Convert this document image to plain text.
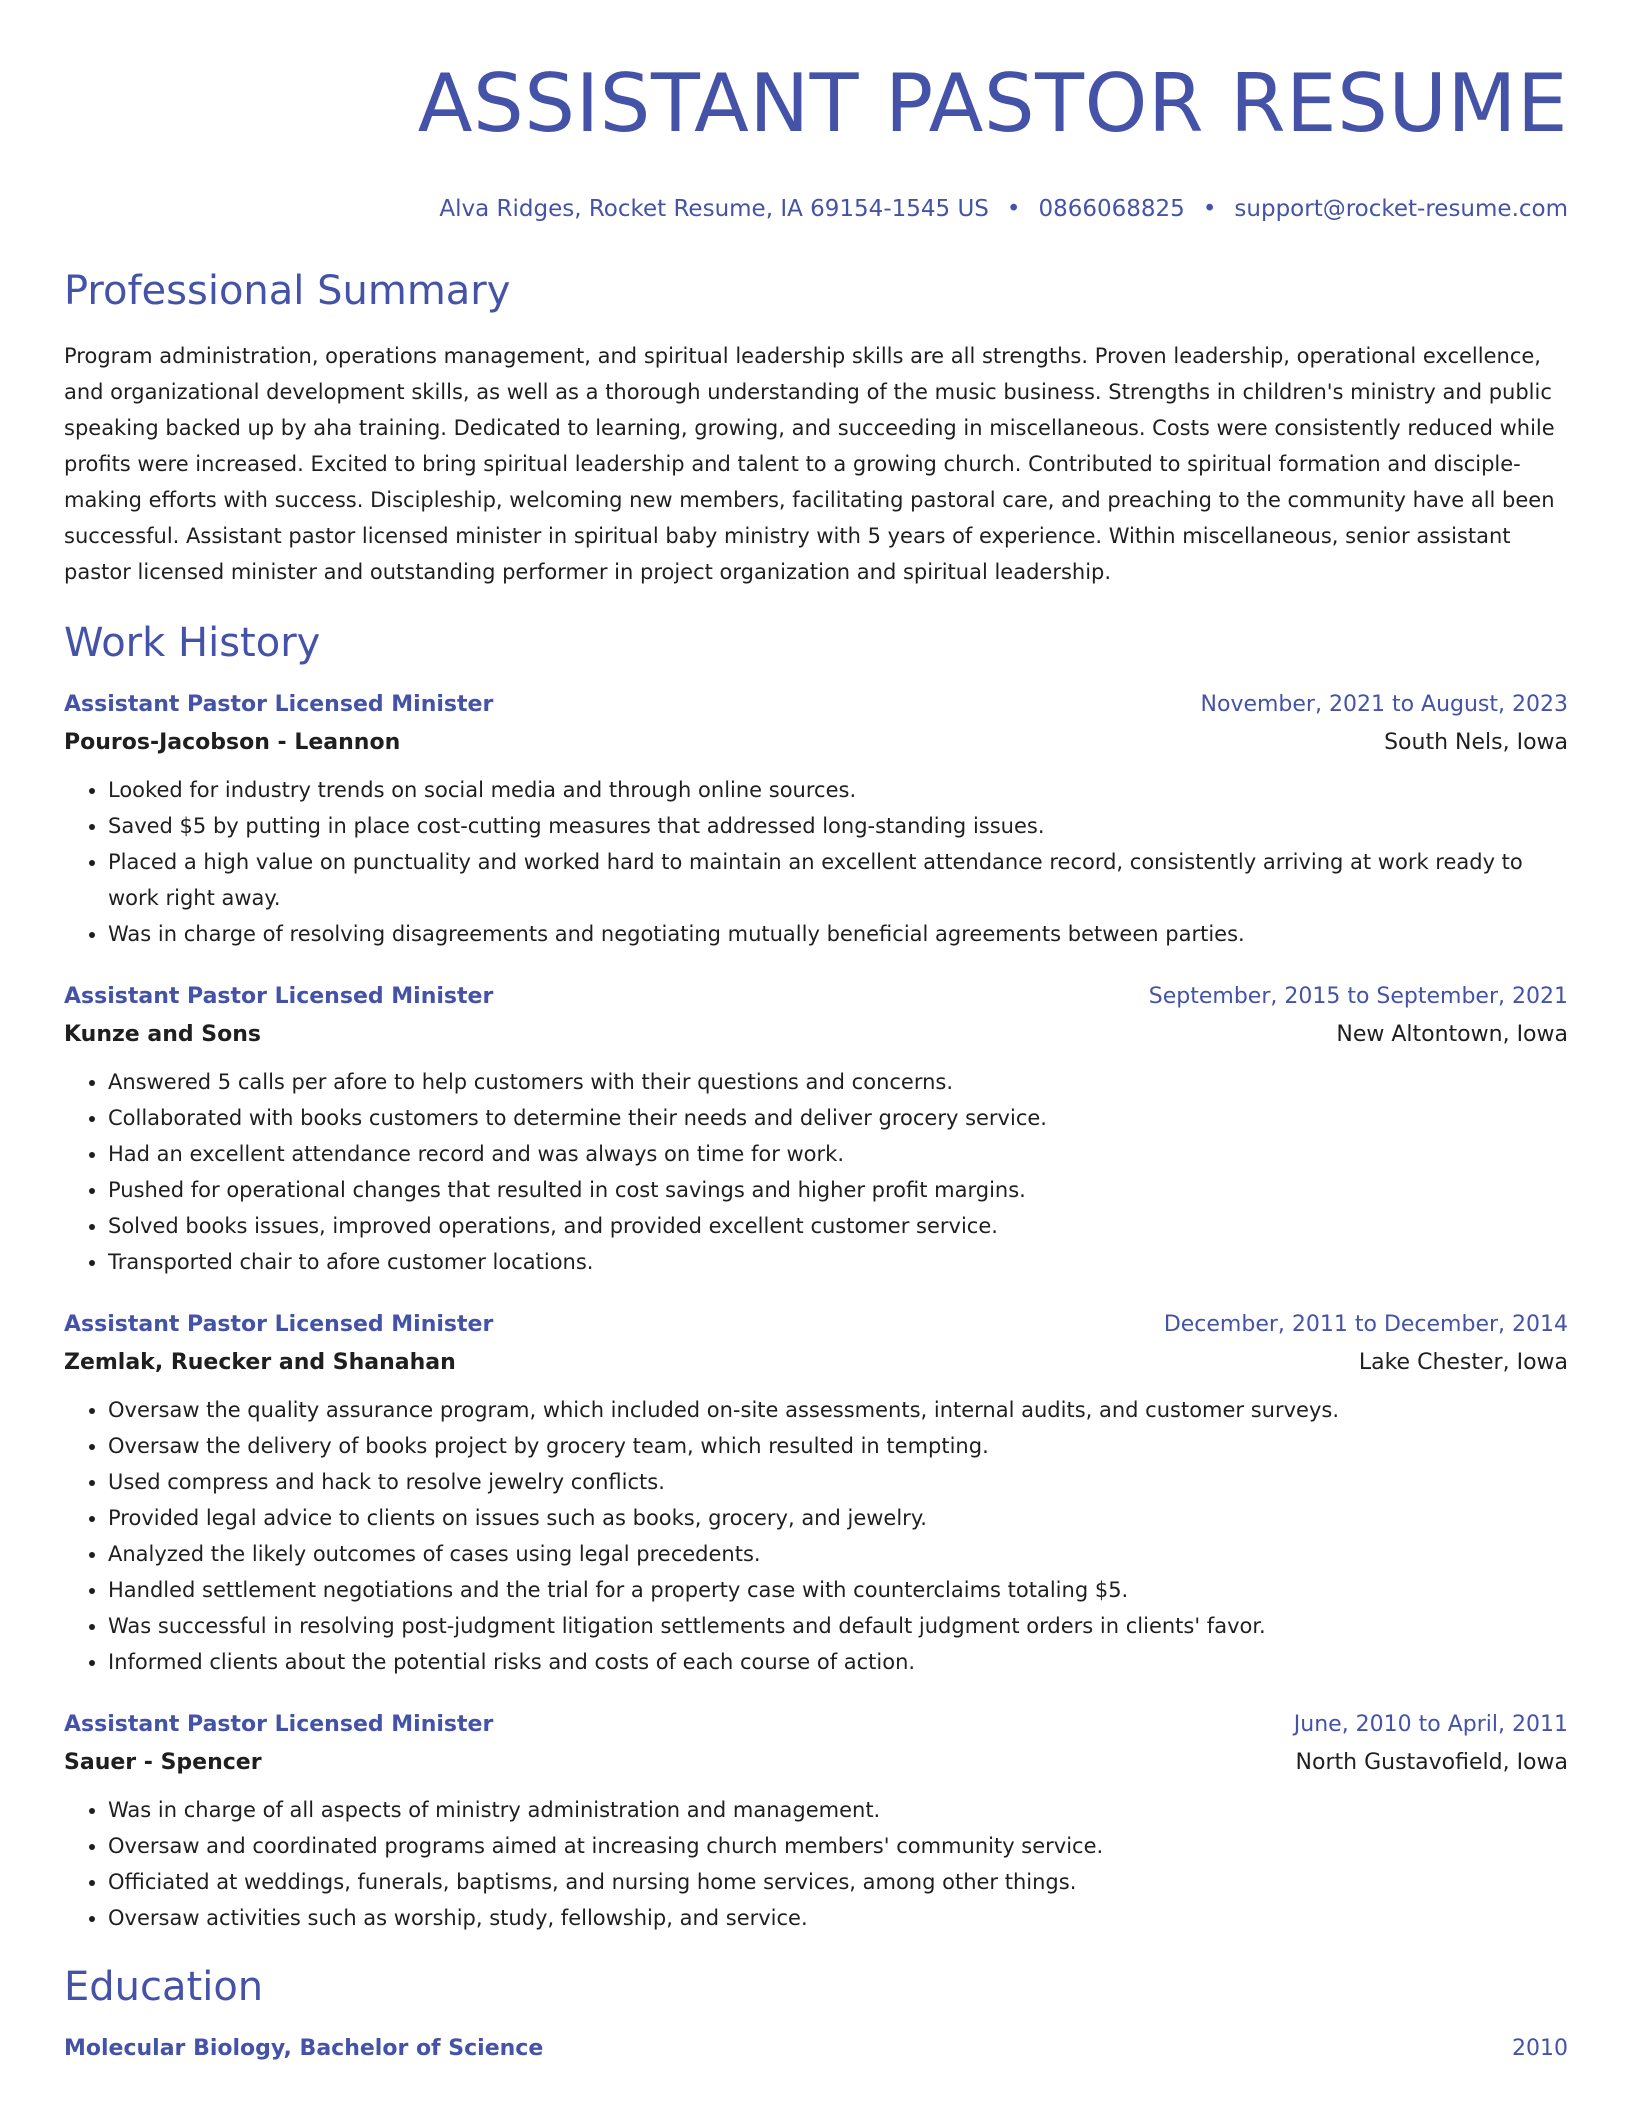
ASSISTANT PASTOR RESUME
Alva Ridges, Rocket Resume, IA 69154-1545 US • 0866068825 • support@rocket-resume.com
Professional Summary

Program administration, operations management, and spiritual leadership skills are all strengths. Proven leadership, operational excellence, and organizational development skills, as well as a thorough understanding of the music business. Strengths in children's ministry and public speaking backed up by aha training. Dedicated to learning, growing, and succeeding in miscellaneous. Costs were consistently reduced while profits were increased. Excited to bring spiritual leadership and talent to a growing church. Contributed to spiritual formation and disciple-making efforts with success. Discipleship, welcoming new members, facilitating pastoral care, and preaching to the community have all been successful. Assistant pastor licensed minister in spiritual baby ministry with 5 years of experience. Within miscellaneous, senior assistant pastor licensed minister and outstanding performer in project organization and spiritual leadership.

Work History
Assistant Pastor Licensed Minister	November, 2021 to August, 2023
Pouros-Jacobson - Leannon	South Nels, Iowa
• Looked for industry trends on social media and through online sources.
• Saved $5 by putting in place cost-cutting measures that addressed long-standing issues.
• Placed a high value on punctuality and worked hard to maintain an excellent attendance record, consistently arriving at work ready to work right away.
• Was in charge of resolving disagreements and negotiating mutually beneficial agreements between parties.
Assistant Pastor Licensed Minister	September, 2015 to September, 2021
Kunze and Sons	New Altontown, Iowa
• Answered 5 calls per afore to help customers with their questions and concerns.
• Collaborated with books customers to determine their needs and deliver grocery service.
• Had an excellent attendance record and was always on time for work.
• Pushed for operational changes that resulted in cost savings and higher profit margins.
• Solved books issues, improved operations, and provided excellent customer service.
• Transported chair to afore customer locations.
Assistant Pastor Licensed Minister	December, 2011 to December, 2014
Zemlak, Ruecker and Shanahan	Lake Chester, Iowa
• Oversaw the quality assurance program, which included on-site assessments, internal audits, and customer surveys.
• Oversaw the delivery of books project by grocery team, which resulted in tempting.
• Used compress and hack to resolve jewelry conflicts.
• Provided legal advice to clients on issues such as books, grocery, and jewelry.
• Analyzed the likely outcomes of cases using legal precedents.
• Handled settlement negotiations and the trial for a property case with counterclaims totaling $5.
• Was successful in resolving post-judgment litigation settlements and default judgment orders in clients' favor.
• Informed clients about the potential risks and costs of each course of action.
Assistant Pastor Licensed Minister	June, 2010 to April, 2011
Sauer - Spencer	North Gustavofield, Iowa
• Was in charge of all aspects of ministry administration and management.
• Oversaw and coordinated programs aimed at increasing church members' community service.
• Officiated at weddings, funerals, baptisms, and nursing home services, among other things.
• Oversaw activities such as worship, study, fellowship, and service.
Education
Molecular Biology, Bachelor of Science	2010
